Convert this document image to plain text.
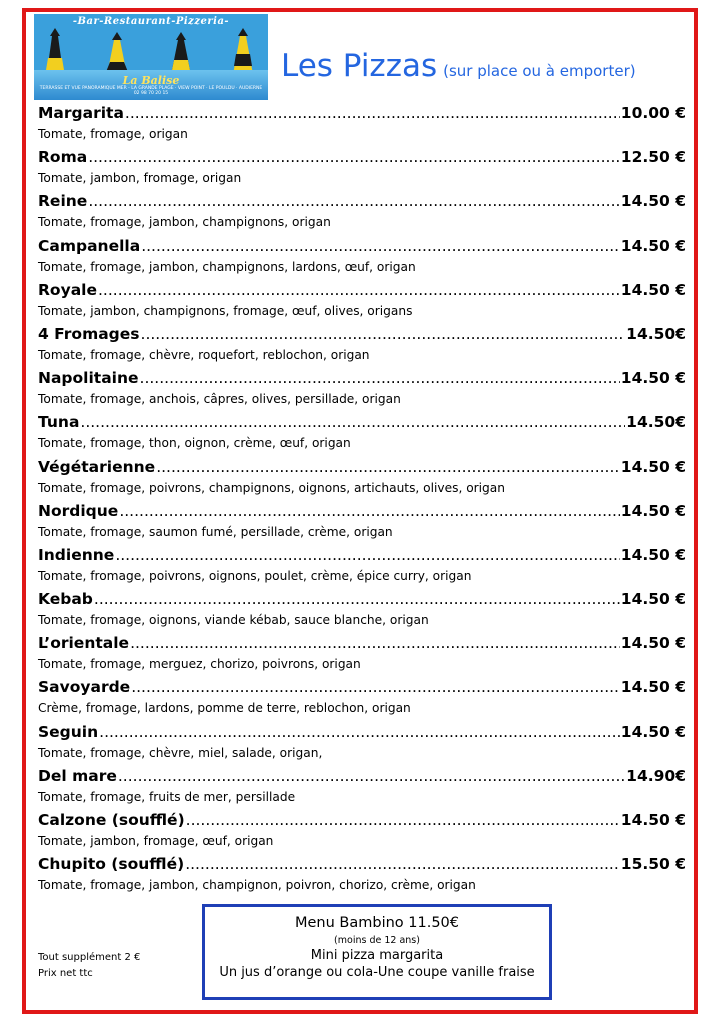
-Bar-Restaurant-Pizzeria-
La Balise
TERRASSE ET VUE PANORAMIQUE MER - LA GRANDE PLAGE · VIEW POINT · LE POULDU · AUDIERNE 02 98 70 20 15
Les Pizzas (sur place ou à emporter)
Margarita .....	10.00 €
Tomate, fromage, origan
Roma .....	12.50 €
Tomate, jambon, fromage, origan
Reine .....	14.50 €
Tomate, fromage, jambon, champignons, origan
Campanella .....	14.50 €
Tomate, fromage, jambon, champignons, lardons, œuf, origan
Royale .....	14.50 €
Tomate, jambon, champignons, fromage, œuf, olives, origans
4 Fromages .....	14.50€
Tomate, fromage, chèvre, roquefort, reblochon, origan
Napolitaine .....	14.50 €
Tomate, fromage, anchois, câpres, olives, persillade, origan
Tuna .....	14.50€
Tomate, fromage, thon, oignon, crème, œuf, origan
Végétarienne .....	14.50 €
Tomate, fromage, poivrons, champignons, oignons, artichauts, olives, origan
Nordique .....	14.50 €
Tomate, fromage, saumon fumé, persillade, crème, origan
Indienne .....	14.50 €
Tomate, fromage, poivrons, oignons, poulet, crème, épice curry, origan
Kebab .....	14.50 €
Tomate, fromage, oignons, viande kébab, sauce blanche, origan
L’orientale .....	14.50 €
Tomate, fromage, merguez, chorizo, poivrons, origan
Savoyarde .....	14.50 €
Crème, fromage, lardons, pomme de terre, reblochon, origan
Seguin .....	14.50 €
Tomate, fromage, chèvre, miel, salade, origan,
Del mare .....	14.90€
Tomate, fromage, fruits de mer, persillade
Calzone (soufflé) .....	14.50 €
Tomate, jambon, fromage, œuf, origan
Chupito (soufflé) .....	15.50 €
Tomate, fromage, jambon, champignon, poivron, chorizo, crème, origan
Tout supplément 2 €
Prix net ttc
Menu Bambino 11.50€
(moins de 12 ans)
Mini pizza margarita
Un jus d’orange ou cola-Une coupe vanille fraise
